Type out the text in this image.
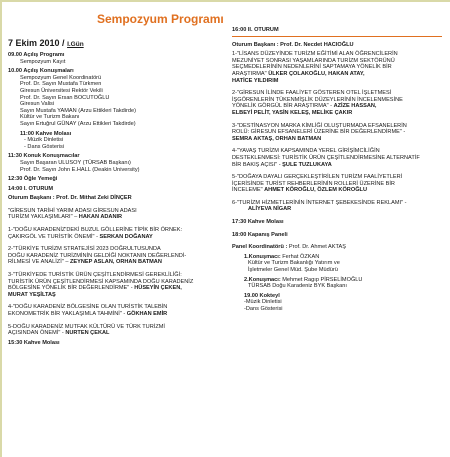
Sempozyum Programı
7 Ekim 2010 / I.Gün
09.00 Açılış Programı
Sempozyum Kayıt
10.00 Açılış Konuşmaları
Sempozyum Genel Koordinatörü
Prof. Dr. Sayın Mustafa Türkmen
Giresun Üniversitesi Rektör Vekili
Prof. Dr. Sayın Ersan BOCUTOĞLU
Giresun Valisi
Sayın Mustafa YAMAN (Arzu Ettikleri Takdirde)
Kültür ve Turizm Bakanı
Sayın Ertuğrul GÜNAY (Arzu Ettikleri Takdirde)
11:00 Kahve Molası
- Müzik Dinletisi
- Dans Gösterisi
11:30 Konuk Konuşmacılar
Sayın Başaran ULUSOY (TÜRSAB Başkanı)
Prof. Dr. Sayın John E.HALL (Deakin University)
12:30 Öğle Yemeği
14:00 I. OTURUM
Oturum Başkanı : Prof. Dr. Mithat Zeki DİNÇER
"GİRESUN TARİHİ YARIM ADASI GİRESUN ADASI
TURİZM YAKLAŞIMLARI" – HAKAN ADANIR
1-"DOĞU KARADENİZ'DEKİ BUZUL GÖLLERİNE TİPİK BİR ÖRNEK:
ÇAKIRGÖL VE TURİSTİK ÖNEMİ" - SERKAN DOĞANAY
2-"TÜRKİYE TURİZM STRATEJİSİ 2023 DOĞRULTUSUNDA
DOĞU KARADENİZ TURİZMİNİN GELDİĞİ NOKTANIN DEĞERLENDİ-
RİLMESİ VE ANALİZİ" – ZEYNEP ASLAN, ORHAN BATMAN
3-"TÜRKİYEDE TURİSTİK ÜRÜN ÇEŞİTLENDİRMESİ GEREKLİLİĞİ:
TURİSTİK ÜRÜN ÇEŞİTLENDİRMESİ KAPSAMINDA DOĞU KARADENİZ
BÖLGESİNE YÖNELİK BİR DEĞERLENDİRME" - HÜSEYİN ÇEKEN,
MURAT YEŞİLTAŞ
4-"DOĞU KARADENİZ BÖLGESİNE OLAN TURİSTİK TALEBİN
EKONOMETRİK BİR YAKLAŞIMLA TAHMİNİ" - GÖKHAN EMİR
5-DOĞU KARADENİZ MUTFAK KÜLTÜRÜ VE TÜRK TURİZMİ
AÇISINDAN ÖNEMİ" - NURTEN ÇEKAL
15:30 Kahve Molası
16:00 II. OTURUM
Oturum Başkanı : Prof. Dr. Necdet HACIOĞLU
1-"LİSANS DÜZEYİNDE TURİZM EĞİTİMİ ALAN ÖĞRENCİLERİN
MEZUNİYET SONRASI YAŞAMLARINDA TURİZM SEKTÖRÜNÜ
SEÇMEDELERİNİN NEDENLERİNİ SAPTAMAYA YÖNELİK BİR
ARAŞTIRMA" ÜLKER ÇOLAKOĞLU, HAKAN ATAY,
HATİCE YILDIRIM
2-"GİRESUN İLİNDE FAALİYET GÖSTEREN OTEL İŞLETMESİ
İŞGÖRENLERİN TÜKENMİŞLİK DÜZEYLERİNİN İNCELENMESİNE
YÖNELİK GÖRGÜL BİR ARAŞTIRMA" - AZİZE HASSAN,
ELBEYİ PELİT, YASİN KELEŞ, MELİKE ÇAKIR
3-"DESTİNASYON MARKA KİMLİĞİ OLUŞTURMADA EFSANELERİN
ROLÜ: GİRESUN EFSANELERİ ÜZERİNE BİR DEĞERLENDİRME" -
SEMRA AKTAŞ, ORHAN BATMAN
4-"YAVAŞ TURİZM KAPSAMINDA YEREL GİRİŞİMCİLİĞİN
DESTEKLENMESİ: TURİSTİK ÜRÜN ÇEŞİTLENDİRMESİNE ALTERNATİF
BİR BAKIŞ AÇISI" - ŞULE TUZLUKAYA
5-"DOĞAYA DAYALI GERÇEKLEŞTİRİLEN TURİZM FAALİYETLERİ
İÇERİSİNDE TURİST REHBERLERİNİN ROLLERİ ÜZERİNE BİR
İNCELEME" AHMET KÖROĞLU, ÖZLEM KÖROĞLU
6-"TURİZM HİZMETLERİNİN İNTERNET ŞEBEKESİNDE REKLAMI" -
ALİYEVA NİGAR
17:30 Kahve Molası
18:00 Kapanış Paneli
Panel Koordinatörü : Prof. Dr. Ahmet AKTAŞ
1.Konuşmacı: Ferhat ÖZKAN
Kültür ve Turizm Bakanlığı Yatırım ve
İşletmeler Genel Müd. Şube Müdürü
2.Konuşmacı: Mehmet Ragıp PİRSELİMOĞLU
TÜRSAB Doğu Karadeniz BYK Başkanı
19.00 Kokteyl
-Müzik Dinletisi
-Dans Gösterisi
